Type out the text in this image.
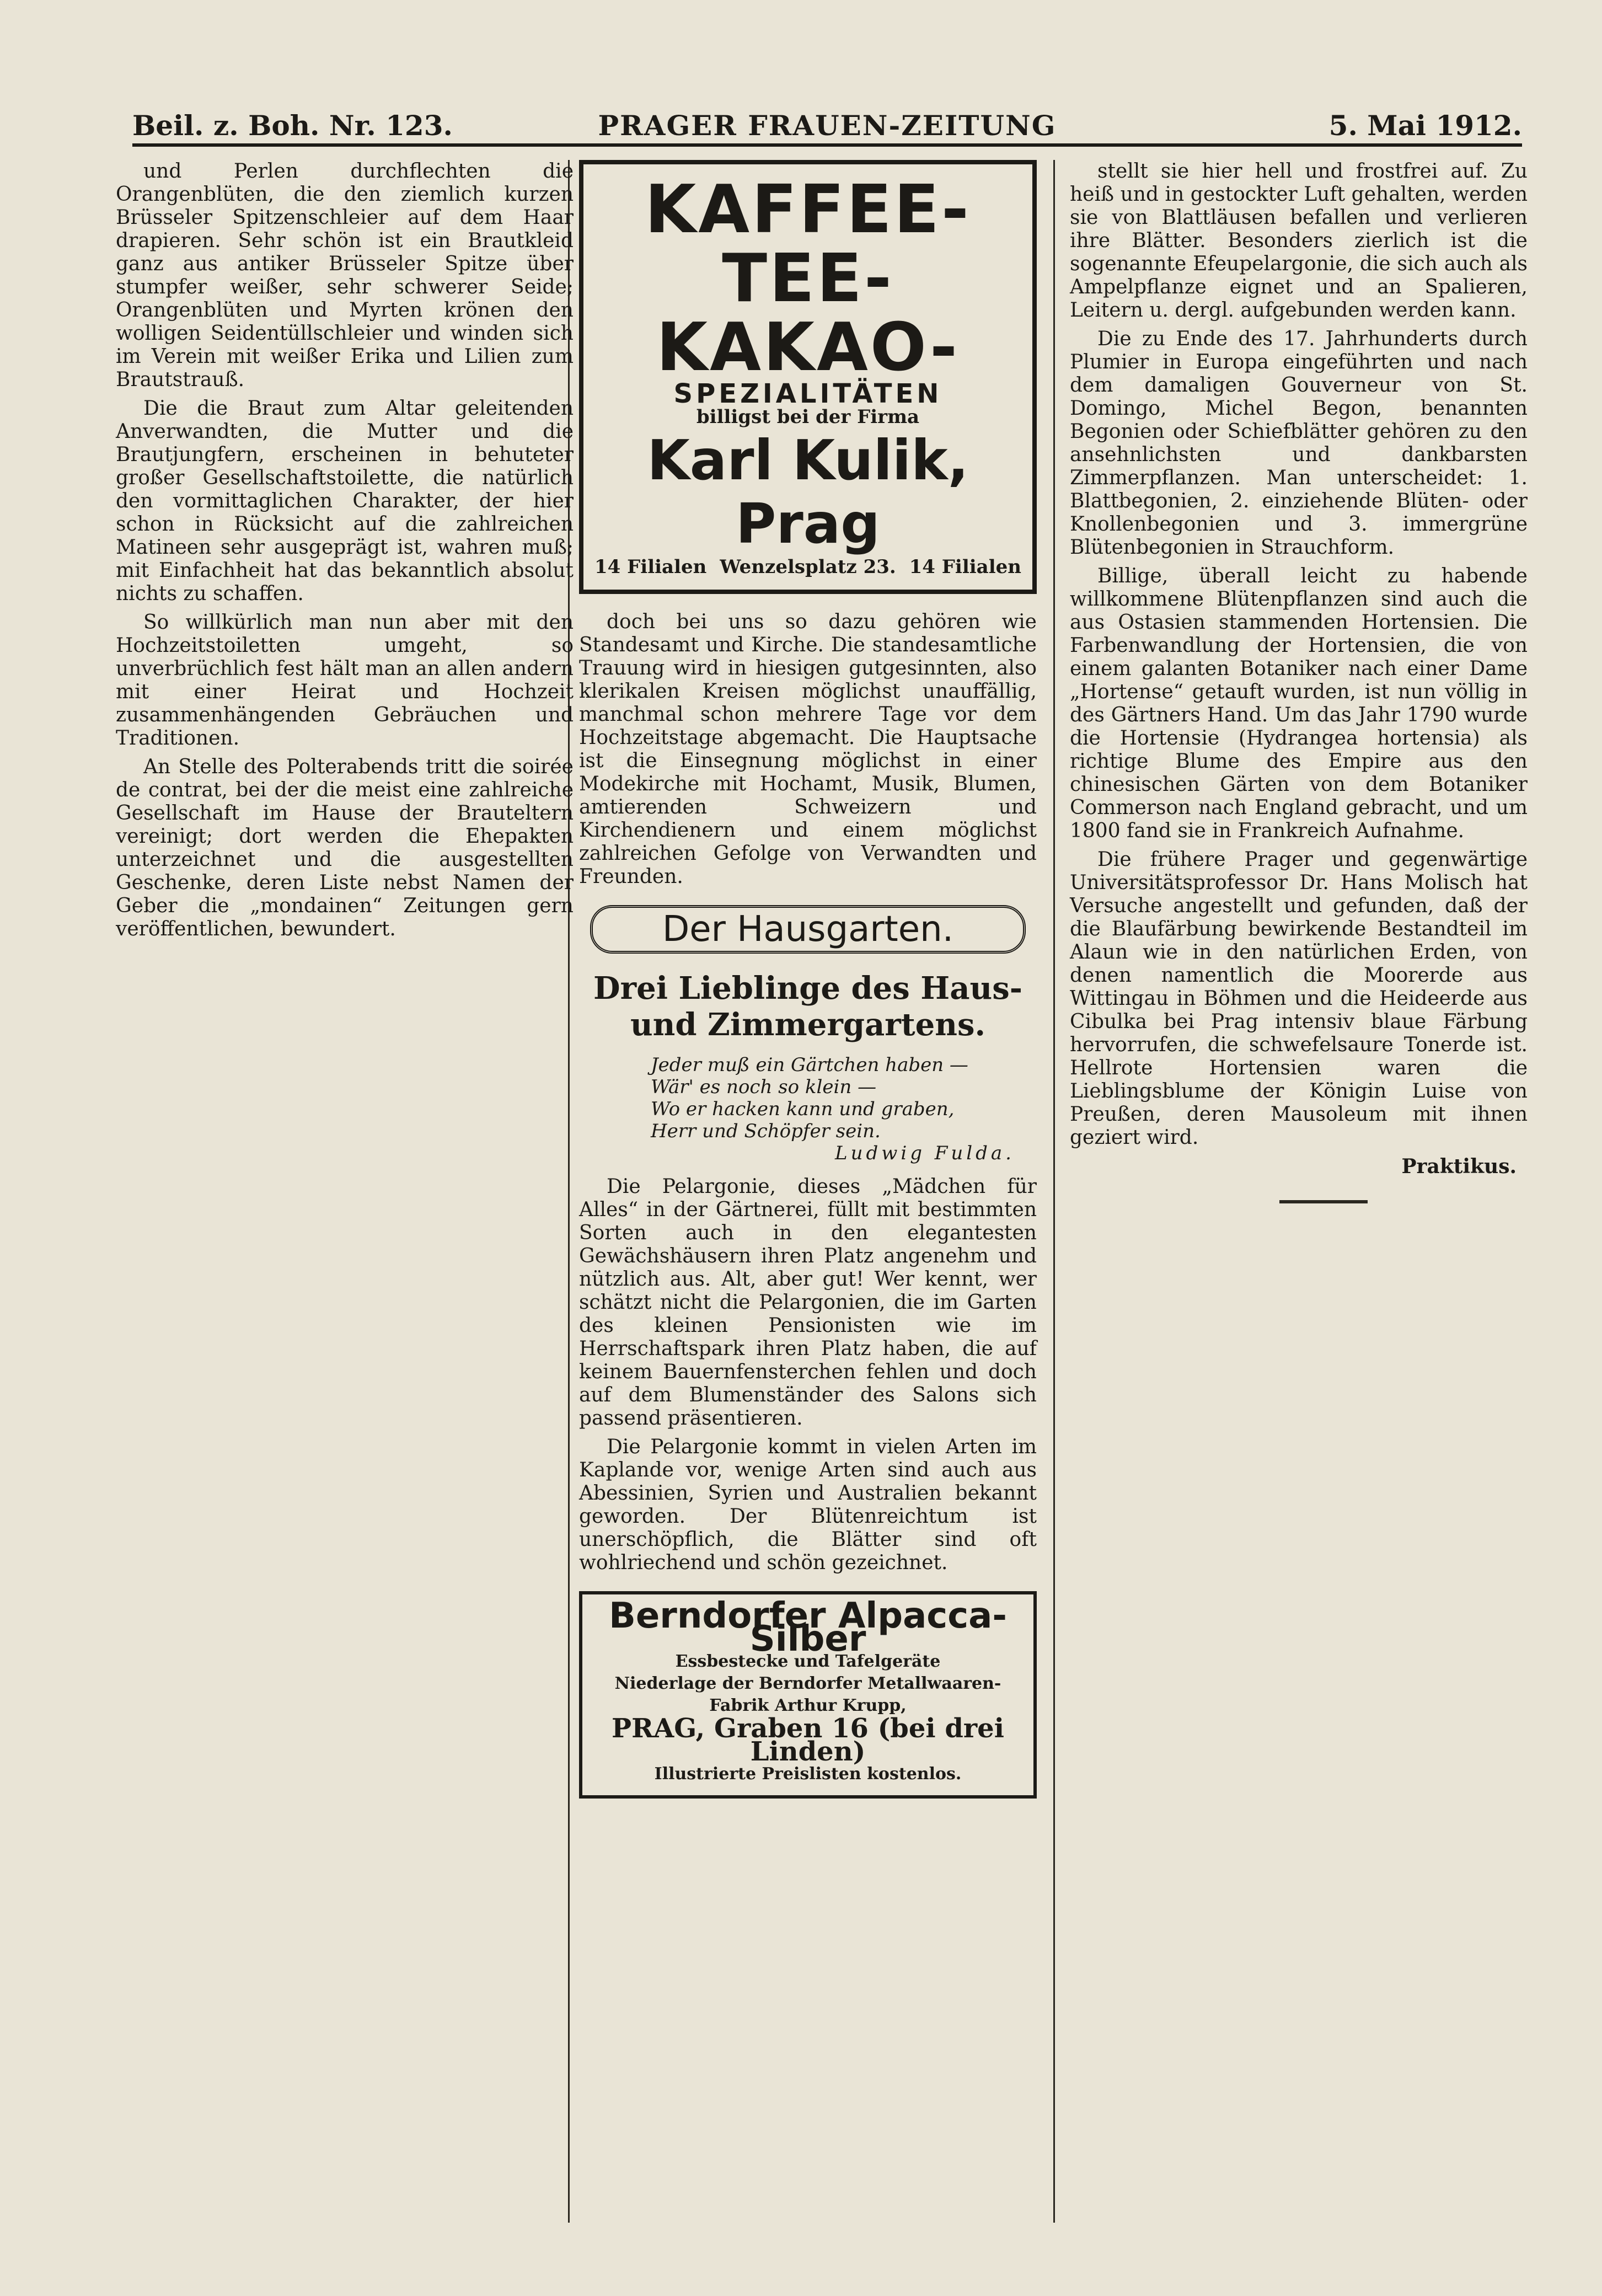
Beil. z. Boh. Nr. 123.	PRAGER FRAUEN-ZEITUNG	5. Mai 1912.

und Perlen durchflechten die Orangenblüten, die den ziemlich kurzen Brüsseler Spitzenschleier auf dem Haar drapieren. Sehr schön ist ein Brautkleid ganz aus antiker Brüsseler Spitze über stumpfer weißer, sehr schwerer Seide; Orangenblüten und Myrten krönen den wolligen Seidentüllschleier und winden sich im Verein mit weißer Erika und Lilien zum Brautstrauß.

Die die Braut zum Altar geleitenden Anverwandten, die Mutter und die Brautjungfern, erscheinen in behuteter großer Gesellschaftstoilette, die natürlich den vormittaglichen Charakter, der hier schon in Rücksicht auf die zahlreichen Matineen sehr ausgeprägt ist, wahren muß; mit Einfachheit hat das bekanntlich absolut nichts zu schaffen.

So willkürlich man nun aber mit den Hochzeitstoiletten umgeht, so unverbrüchlich fest hält man an allen andern mit einer Heirat und Hochzeit zusammenhängenden Gebräuchen und Traditionen.

An Stelle des Polterabends tritt die soirée de contrat, bei der die meist eine zahlreiche Gesellschaft im Hause der Brauteltern vereinigt; dort werden die Ehepakten unterzeichnet und die ausgestellten Geschenke, deren Liste nebst Namen der Geber die „mondainen“ Zeitungen gern veröffentlichen, bewundert.

KAFFEE-
TEE-
KAKAO-
SPEZIALITÄTEN
billigst bei der Firma
Karl Kulik, Prag
14 Filialen Wenzelsplatz 23. 14 Filialen

doch bei uns so dazu gehören wie Standesamt und Kirche. Die standesamtliche Trauung wird in hiesigen gutgesinnten, also klerikalen Kreisen möglichst unauffällig, manchmal schon mehrere Tage vor dem Hochzeitstage abgemacht. Die Hauptsache ist die Einsegnung möglichst in einer Modekirche mit Hochamt, Musik, Blumen, amtierenden Schweizern und Kirchendienern und einem möglichst zahlreichen Gefolge von Verwandten und Freunden.

Der Hausgarten.
Drei Lieblinge des Haus- und Zimmergartens.
Jeder muß ein Gärtchen haben —
Wär' es noch so klein —
Wo er hacken kann und graben,
Herr und Schöpfer sein.
Ludwig Fulda.

Die Pelargonie, dieses „Mädchen für Alles“ in der Gärtnerei, füllt mit bestimmten Sorten auch in den elegantesten Gewächshäusern ihren Platz angenehm und nützlich aus. Alt, aber gut! Wer kennt, wer schätzt nicht die Pelargonien, die im Garten des kleinen Pensionisten wie im Herrschaftspark ihren Platz haben, die auf keinem Bauernfensterchen fehlen und doch auf dem Blumenständer des Salons sich passend präsentieren.

Die Pelargonie kommt in vielen Arten im Kaplande vor, wenige Arten sind auch aus Abessinien, Syrien und Australien bekannt geworden. Der Blütenreichtum ist unerschöpflich, die Blätter sind oft wohlriechend und schön gezeichnet.

Berndorfer Alpacca-Silber
Essbestecke und Tafelgeräte
Niederlage der Berndorfer Metallwaaren-Fabrik Arthur Krupp,
PRAG, Graben 16 (bei drei Linden)
Illustrierte Preislisten kostenlos.

stellt sie hier hell und frostfrei auf. Zu heiß und in gestockter Luft gehalten, werden sie von Blattläusen befallen und verlieren ihre Blätter. Besonders zierlich ist die sogenannte Efeupelargonie, die sich auch als Ampelpflanze eignet und an Spalieren, Leitern u. dergl. aufgebunden werden kann.

Die zu Ende des 17. Jahrhunderts durch Plumier in Europa eingeführten und nach dem damaligen Gouverneur von St. Domingo, Michel Begon, benannten Begonien oder Schiefblätter gehören zu den ansehnlichsten und dankbarsten Zimmerpflanzen. Man unterscheidet: 1. Blattbegonien, 2. einziehende Blüten- oder Knollenbegonien und 3. immergrüne Blütenbegonien in Strauchform.

Billige, überall leicht zu habende willkommene Blütenpflanzen sind auch die aus Ostasien stammenden Hortensien. Die Farbenwandlung der Hortensien, die von einem galanten Botaniker nach einer Dame „Hortense“ getauft wurden, ist nun völlig in des Gärtners Hand. Um das Jahr 1790 wurde die Hortensie (Hydrangea hortensia) als richtige Blume des Empire aus den chinesischen Gärten von dem Botaniker Commerson nach England gebracht, und um 1800 fand sie in Frankreich Aufnahme.

Die frühere Prager und gegenwärtige Universitätsprofessor Dr. Hans Molisch hat Versuche angestellt und gefunden, daß der die Blaufärbung bewirkende Bestandteil im Alaun wie in den natürlichen Erden, von denen namentlich die Moorerde aus Wittingau in Böhmen und die Heideerde aus Cibulka bei Prag intensiv blaue Färbung hervorrufen, die schwefelsaure Tonerde ist. Hellrote Hortensien waren die Lieblingsblume der Königin Luise von Preußen, deren Mausoleum mit ihnen geziert wird.

Praktikus.
